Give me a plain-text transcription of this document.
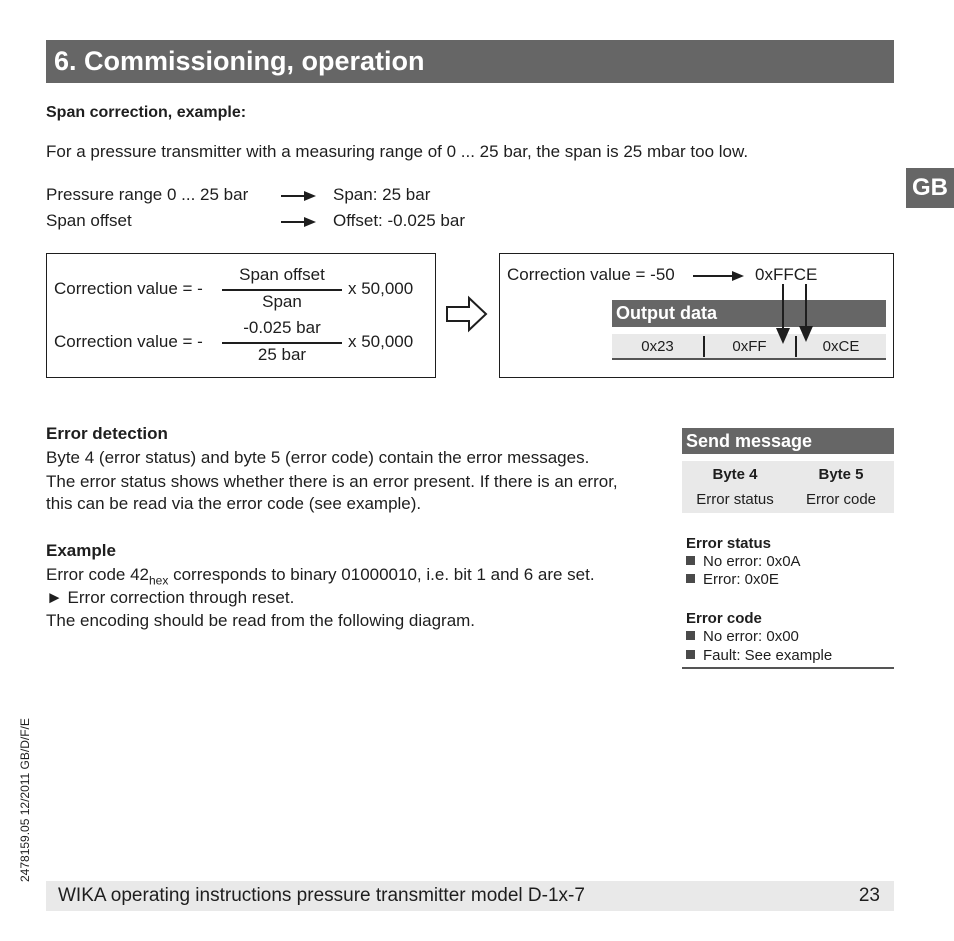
6. Commissioning, operation
GB
Span correction, example:
For a pressure transmitter with a measuring range of 0 ... 25 bar, the span is 25 mbar too low.
Pressure range 0 ... 25 bar	Span: 25 bar
Span offset	Offset: -0.025 bar
Correction value = -
Span offset
Span
x 50,000
Correction value = -
-0.025 bar
25 bar
x 50,000
Correction value = -50	0xFFCE
Output data
0x23	0xFF	0xCE
Error detection
Byte 4 (error status) and byte 5 (error code) contain the error messages.
The error status shows whether there is an error present. If there is an error,
this can be read via the error code (see example).
Example
Error code $42_{hex}$ corresponds to binary 01000010, i.e. bit 1 and 6 are set.
► Error correction through reset.
The encoding should be read from the following diagram.
Send message
Byte 4	Byte 5
Error status	Error code
Error status
No error: 0x0A
Error: 0x0E
Error code
No error: 0x00
Fault: See example
2478159.05 12/2011 GB/D/F/E
WIKA operating instructions pressure transmitter model D-1x-7	23
